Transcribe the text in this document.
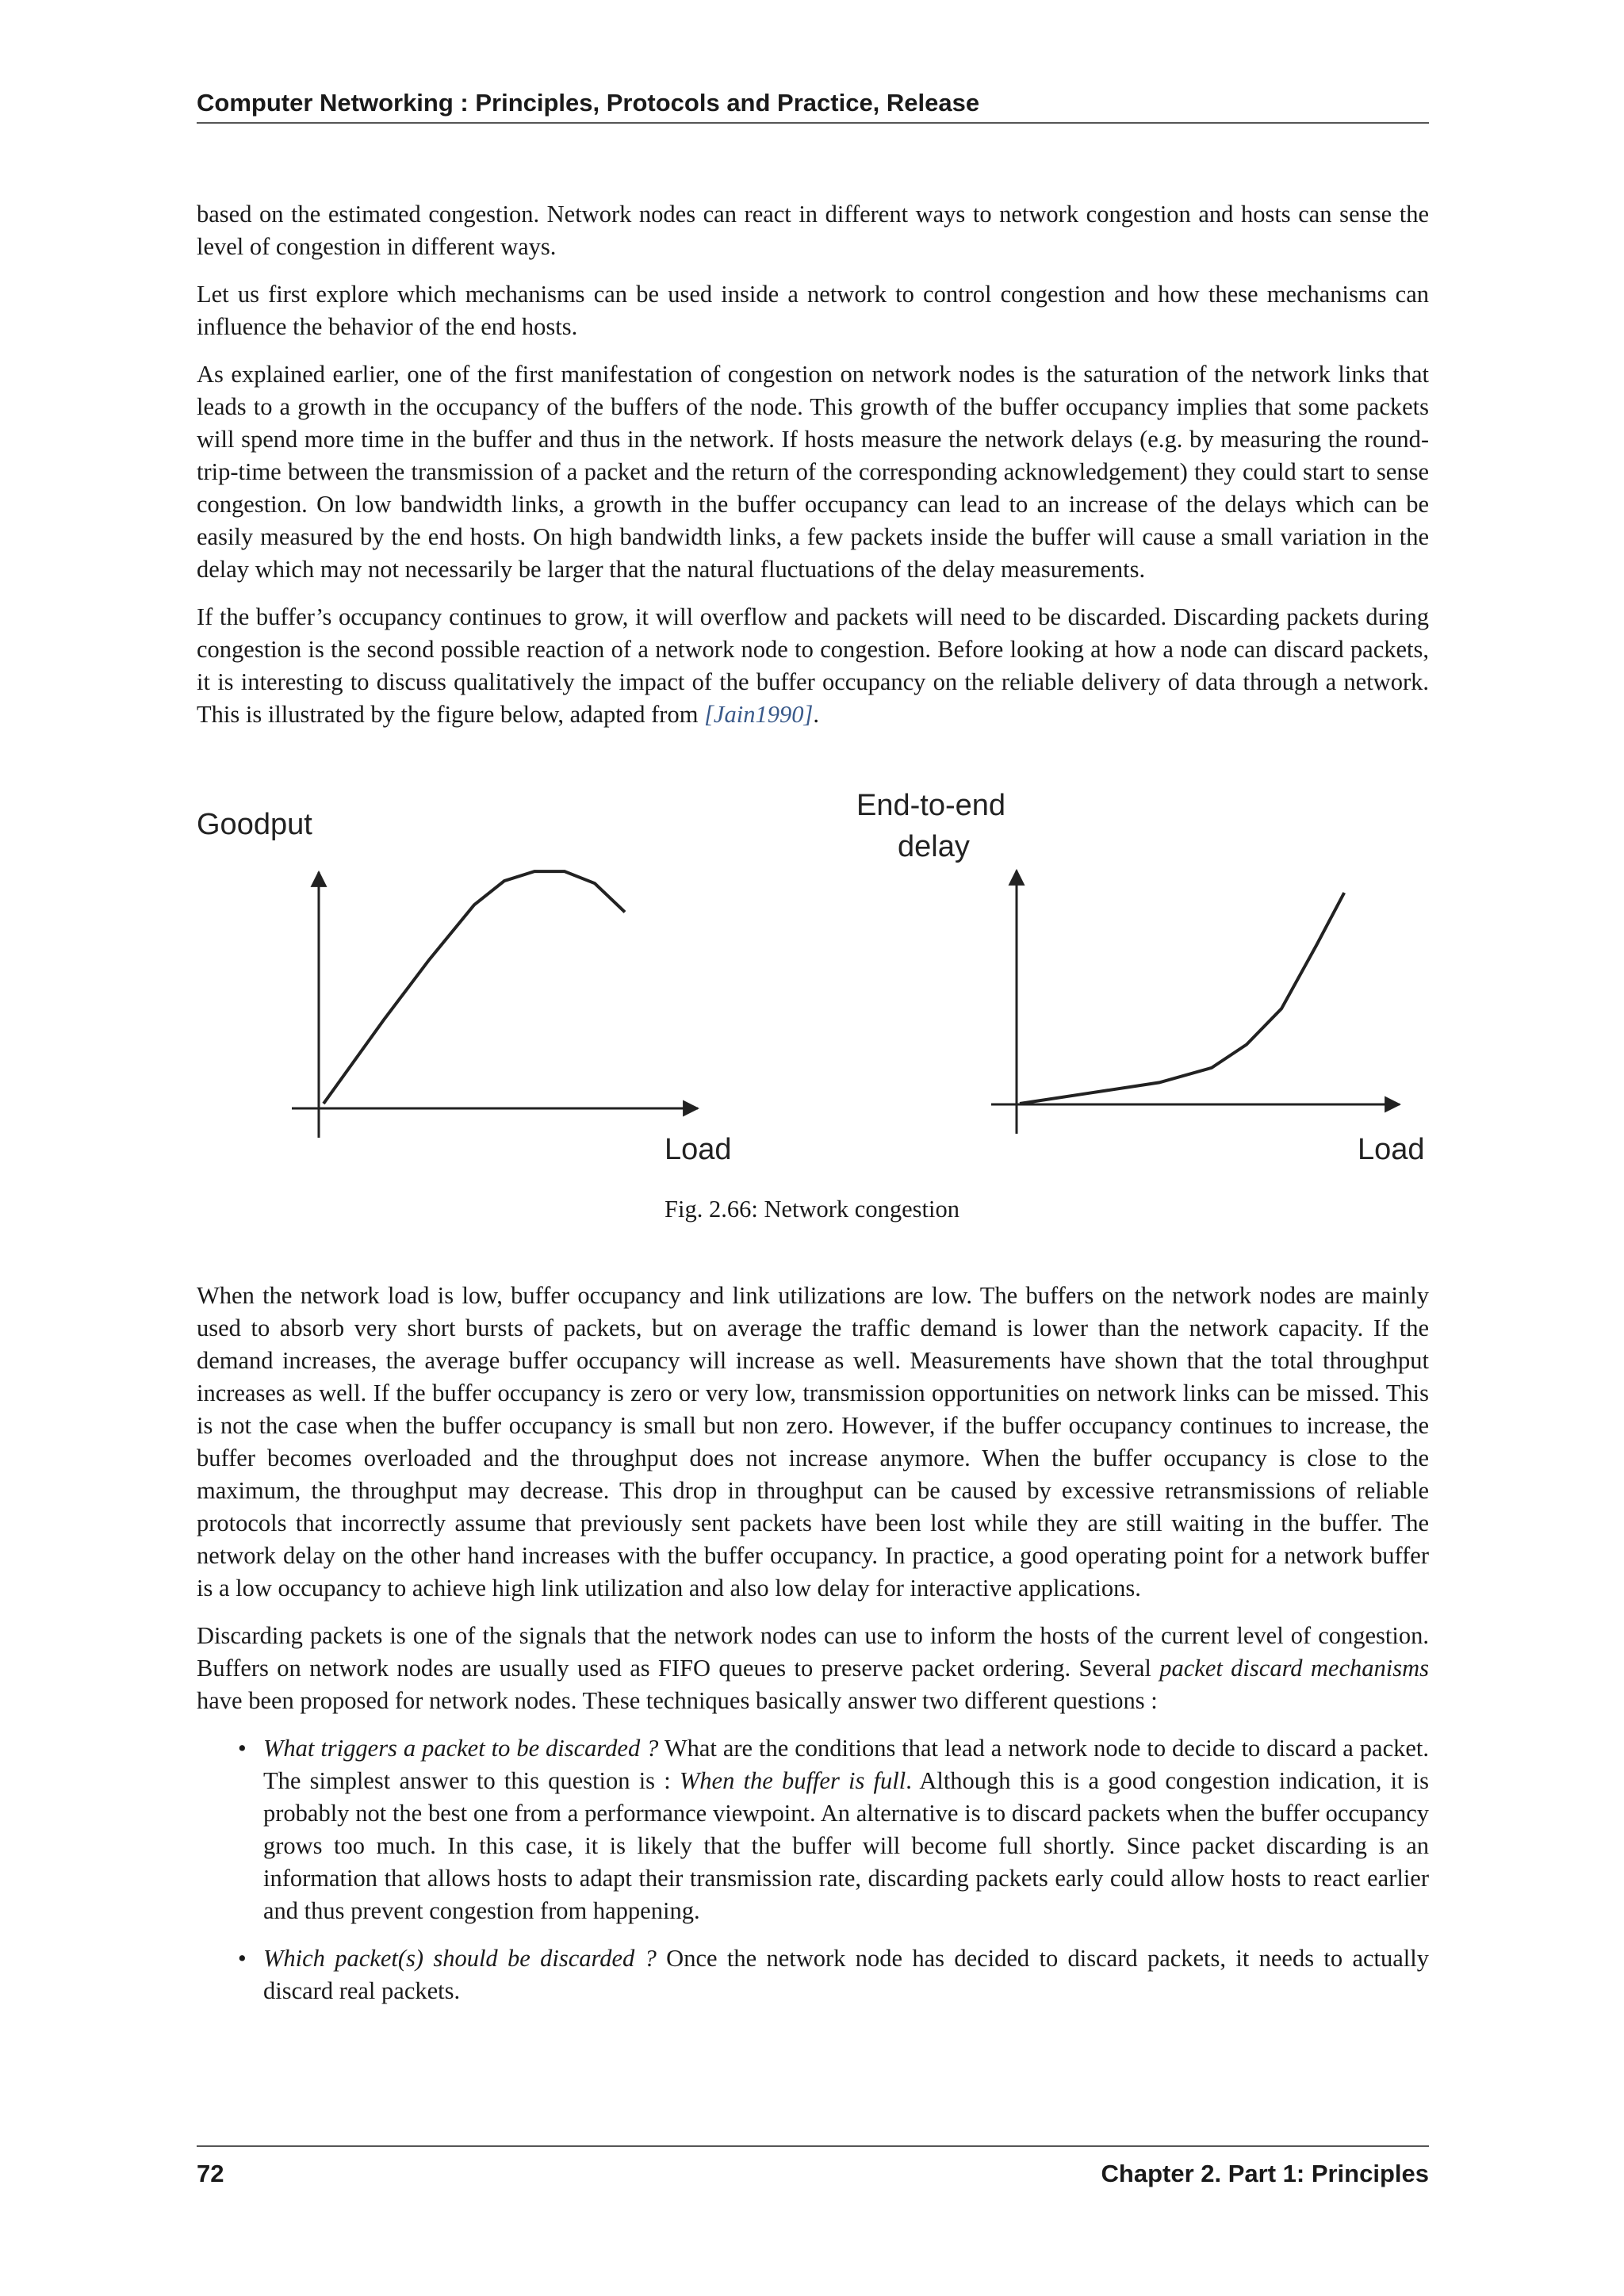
Computer Networking : Principles, Protocols and Practice, Release

based on the estimated congestion. Network nodes can react in different ways to network congestion and hosts can sense the level of congestion in different ways.

Let us first explore which mechanisms can be used inside a network to control congestion and how these mechanisms can influence the behavior of the end hosts.

As explained earlier, one of the first manifestation of congestion on network nodes is the saturation of the network links that leads to a growth in the occupancy of the buffers of the node. This growth of the buffer occupancy implies that some packets will spend more time in the buffer and thus in the network. If hosts measure the network delays (e.g. by measuring the round-trip-time between the transmission of a packet and the return of the corresponding acknowledgement) they could start to sense congestion. On low bandwidth links, a growth in the buffer occupancy can lead to an increase of the delays which can be easily measured by the end hosts. On high bandwidth links, a few packets inside the buffer will cause a small variation in the delay which may not necessarily be larger that the natural fluctuations of the delay measurements.

If the buffer’s occupancy continues to grow, it will overflow and packets will need to be discarded. Discarding packets during congestion is the second possible reaction of a network node to congestion. Before looking at how a node can discard packets, it is interesting to discuss qualitatively the impact of the buffer occupancy on the reliable delivery of data through a network. This is illustrated by the figure below, adapted from [Jain1990].

Goodput
Load
End-to-end
delay
Load
Fig. 2.66: Network congestion

When the network load is low, buffer occupancy and link utilizations are low. The buffers on the network nodes are mainly used to absorb very short bursts of packets, but on average the traffic demand is lower than the network capacity. If the demand increases, the average buffer occupancy will increase as well. Measurements have shown that the total throughput increases as well. If the buffer occupancy is zero or very low, transmission opportunities on network links can be missed. This is not the case when the buffer occupancy is small but non zero. However, if the buffer occupancy continues to increase, the buffer becomes overloaded and the throughput does not increase anymore. When the buffer occupancy is close to the maximum, the throughput may decrease. This drop in throughput can be caused by excessive retransmissions of reliable protocols that incorrectly assume that previously sent packets have been lost while they are still waiting in the buffer. The network delay on the other hand increases with the buffer occupancy. In practice, a good operating point for a network buffer is a low occupancy to achieve high link utilization and also low delay for interactive applications.

Discarding packets is one of the signals that the network nodes can use to inform the hosts of the current level of congestion. Buffers on network nodes are usually used as FIFO queues to preserve packet ordering. Several packet discard mechanisms have been proposed for network nodes. These techniques basically answer two different questions :

• What triggers a packet to be discarded ? What are the conditions that lead a network node to decide to discard a packet. The simplest answer to this question is : When the buffer is full. Although this is a good congestion indication, it is probably not the best one from a performance viewpoint. An alternative is to discard packets when the buffer occupancy grows too much. In this case, it is likely that the buffer will become full shortly. Since packet discarding is an information that allows hosts to adapt their transmission rate, discarding packets early could allow hosts to react earlier and thus prevent congestion from happening.
• Which packet(s) should be discarded ? Once the network node has decided to discard packets, it needs to actually discard real packets.
72	Chapter 2. Part 1: Principles
